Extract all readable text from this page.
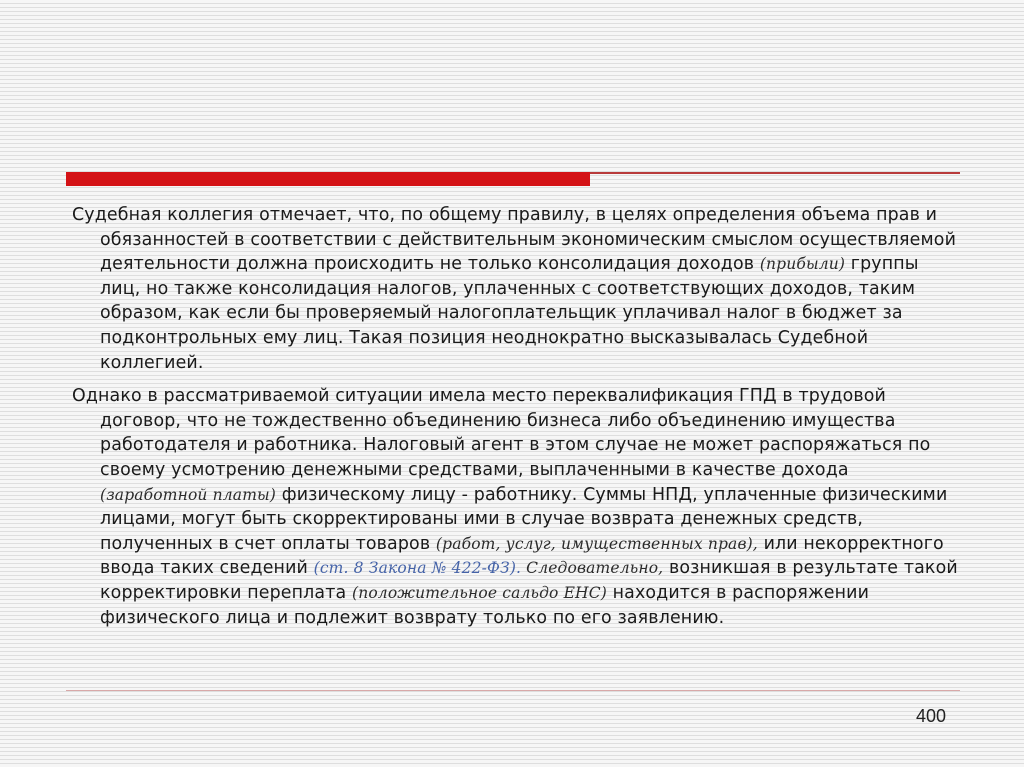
Судебная коллегия отмечает, что, по общему правилу, в целях определения объема прав и обязанностей в соответствии с действительным экономическим смыслом осуществляемой деятельности должна происходить не только консолидация доходов (прибыли) группы лиц, но также консолидация налогов, уплаченных с соответствующих доходов, таким образом, как если бы проверяемый налогоплательщик уплачивал налог в бюджет за подконтрольных ему лиц. Такая позиция неоднократно высказывалась Судебной коллегией.

Однако в рассматриваемой ситуации имела место переквалификация ГПД в трудовой договор, что не тождественно объединению бизнеса либо объединению имущества работодателя и работника. Налоговый агент в этом случае не может распоряжаться по своему усмотрению денежными средствами, выплаченными в качестве дохода (заработной платы) физическому лицу - работнику. Суммы НПД, уплаченные физическими лицами, могут быть скорректированы ими в случае возврата денежных средств, полученных в счет оплаты товаров (работ, услуг, имущественных прав), или некорректного ввода таких сведений (ст. 8 Закона № 422-ФЗ). Следовательно, возникшая в результате такой корректировки переплата (положительное сальдо ЕНС) находится в распоряжении физического лица и подлежит возврату только по его заявлению.

400
